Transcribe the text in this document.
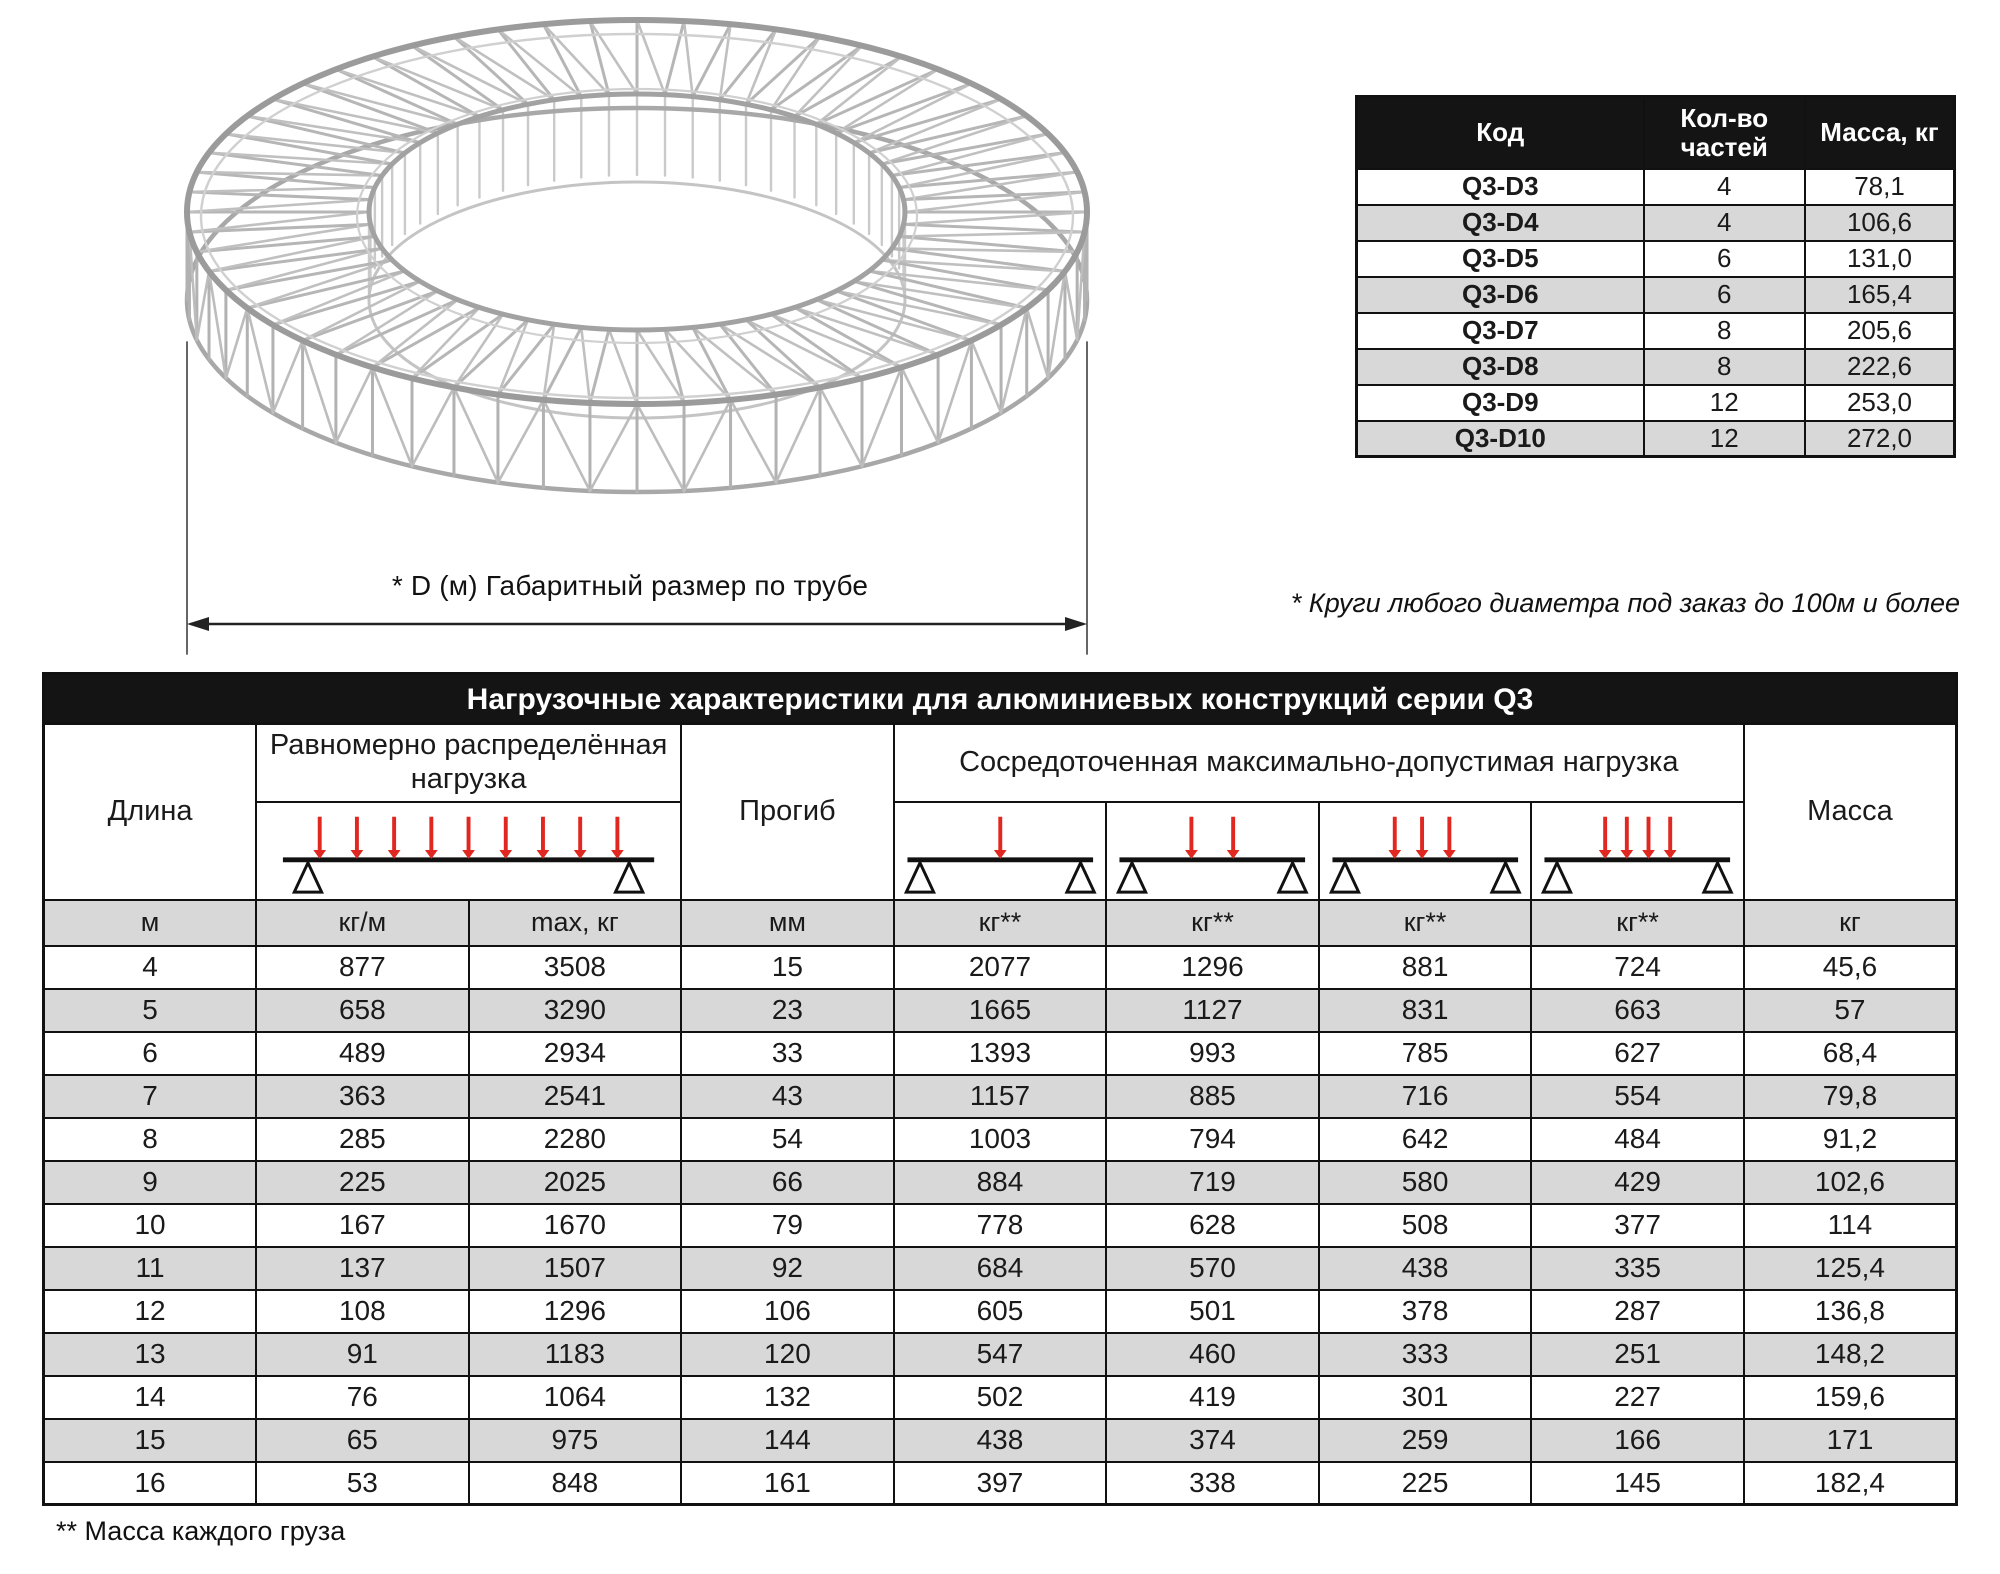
* D (м) Габаритный размер по трубе
Код	Кол-во частей	Масса, кг
Q3-D3	4	78,1
Q3-D4	4	106,6
Q3-D5	6	131,0
Q3-D6	6	165,4
Q3-D7	8	205,6
Q3-D8	8	222,6
Q3-D9	12	253,0
Q3-D10	12	272,0
* Круги любого диаметра под заказ до 100м и более
Нагрузочные характеристики для алюминиевых конструкций серии Q3
Длина	Равномерно распределённая нагрузка		Прогиб	Сосредоточенная максимально-допустимая нагрузка				Масса

м	кг/м	max, кг	мм	кг**	кг**	кг**	кг**	кг
4	877	3508	15	2077	1296	881	724	45,6
5	658	3290	23	1665	1127	831	663	57
6	489	2934	33	1393	993	785	627	68,4
7	363	2541	43	1157	885	716	554	79,8
8	285	2280	54	1003	794	642	484	91,2
9	225	2025	66	884	719	580	429	102,6
10	167	1670	79	778	628	508	377	114
11	137	1507	92	684	570	438	335	125,4
12	108	1296	106	605	501	378	287	136,8
13	91	1183	120	547	460	333	251	148,2
14	76	1064	132	502	419	301	227	159,6
15	65	975	144	438	374	259	166	171
16	53	848	161	397	338	225	145	182,4
** Масса каждого груза
